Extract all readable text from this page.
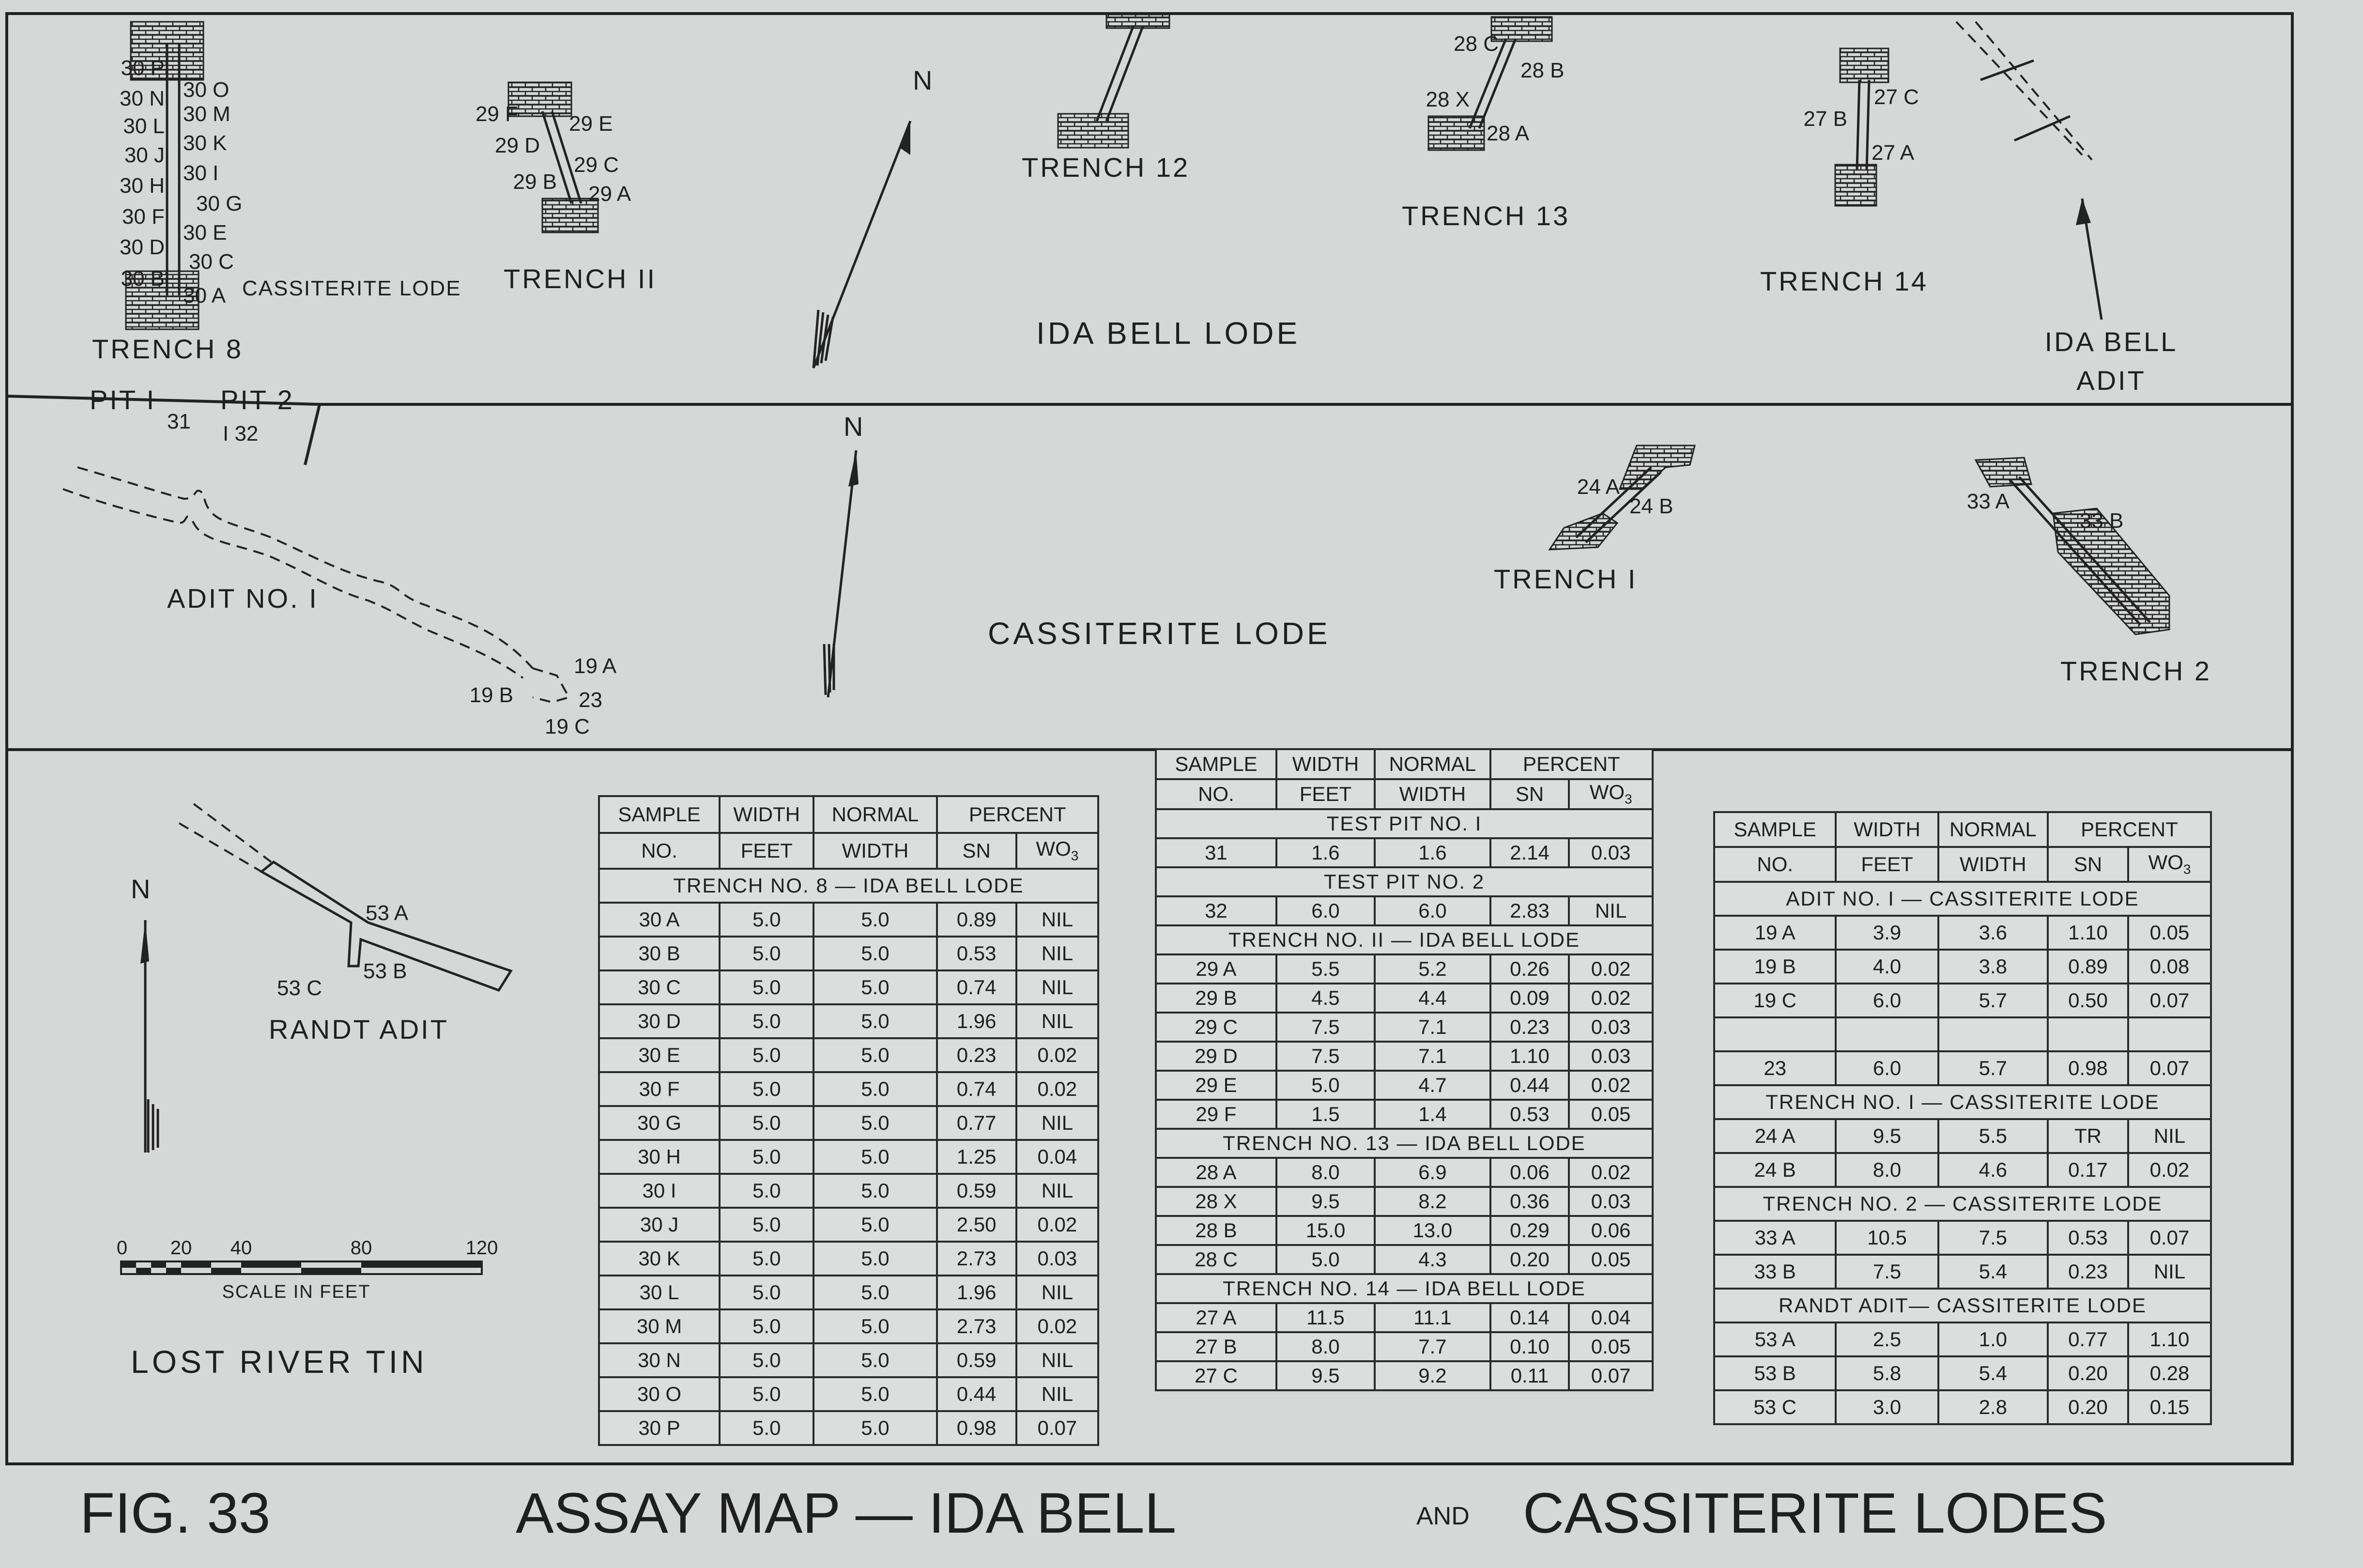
30 P
30 N
30 L
30 J
30 H
30 F
30 D
30 B
30 O
30 M
30 K
30 I
30 G
30 E
30 C
30 A CASSITERITE LODE
TRENCH 8
29 F 29 E
29 D
29 C
29 B
29 A
TRENCH II
N
TRENCH 12
28 C
28 B
28 X
28 A
TRENCH 13
IDA BELL LODE
27 C
27 B
27 A
TRENCH 14
IDA BELL
ADIT
PIT I PIT 2
31
I 32
ADIT NO. I
19 A
19 B	23
19 C
N
CASSITERITE LODE
24 A
24 B
TRENCH I
33 A
33 B
TRENCH 2
53 A
53 B
53 C
RANDT ADIT
N
0 20 40	80	120
SCALE IN FEET
LOST RIVER TIN
FIG. 33	ASSAY MAP — IDA BELL	AND CASSITERITE LODES
SAMPLE	WIDTH	NORMAL	PERCENT	
NO.	FEET	WIDTH	SN	$WO_3$
TRENCH NO. 8 — IDA BELL LODE				
30 A	5.0	5.0	0.89	NIL
30 B	5.0	5.0	0.53	NIL
30 C	5.0	5.0	0.74	NIL
30 D	5.0	5.0	1.96	NIL
30 E	5.0	5.0	0.23	0.02
30 F	5.0	5.0	0.74	0.02
30 G	5.0	5.0	0.77	NIL
30 H	5.0	5.0	1.25	0.04
30 I	5.0	5.0	0.59	NIL
30 J	5.0	5.0	2.50	0.02
30 K	5.0	5.0	2.73	0.03
30 L	5.0	5.0	1.96	NIL
30 M	5.0	5.0	2.73	0.02
30 N	5.0	5.0	0.59	NIL
30 O	5.0	5.0	0.44	NIL
30 P	5.0	5.0	0.98	0.07
SAMPLE	WIDTH	NORMAL	PERCENT	
NO.	FEET	WIDTH	SN	$WO_3$
TEST PIT NO. I				
31	1.6	1.6	2.14	0.03
TEST PIT NO. 2				
32	6.0	6.0	2.83	NIL
TRENCH NO. II — IDA BELL LODE				
29 A	5.5	5.2	0.26	0.02
29 B	4.5	4.4	0.09	0.02
29 C	7.5	7.1	0.23	0.03
29 D	7.5	7.1	1.10	0.03
29 E	5.0	4.7	0.44	0.02
29 F	1.5	1.4	0.53	0.05
TRENCH NO. 13 — IDA BELL LODE				
28 A	8.0	6.9	0.06	0.02
28 X	9.5	8.2	0.36	0.03
28 B	15.0	13.0	0.29	0.06
28 C	5.0	4.3	0.20	0.05
TRENCH NO. 14 — IDA BELL LODE				
27 A	11.5	11.1	0.14	0.04
27 B	8.0	7.7	0.10	0.05
27 C	9.5	9.2	0.11	0.07
SAMPLE	WIDTH	NORMAL	PERCENT	
NO.	FEET	WIDTH	SN	$WO_3$
ADIT NO. I — CASSITERITE LODE				
19 A	3.9	3.6	1.10	0.05
19 B	4.0	3.8	0.89	0.08
19 C	6.0	5.7	0.50	0.07

23	6.0	5.7	0.98	0.07
TRENCH NO. I — CASSITERITE LODE				
24 A	9.5	5.5	TR	NIL
24 B	8.0	4.6	0.17	0.02
TRENCH NO. 2 — CASSITERITE LODE				
33 A	10.5	7.5	0.53	0.07
33 B	7.5	5.4	0.23	NIL
RANDT ADIT— CASSITERITE LODE				
53 A	2.5	1.0	0.77	1.10
53 B	5.8	5.4	0.20	0.28
53 C	3.0	2.8	0.20	0.15
